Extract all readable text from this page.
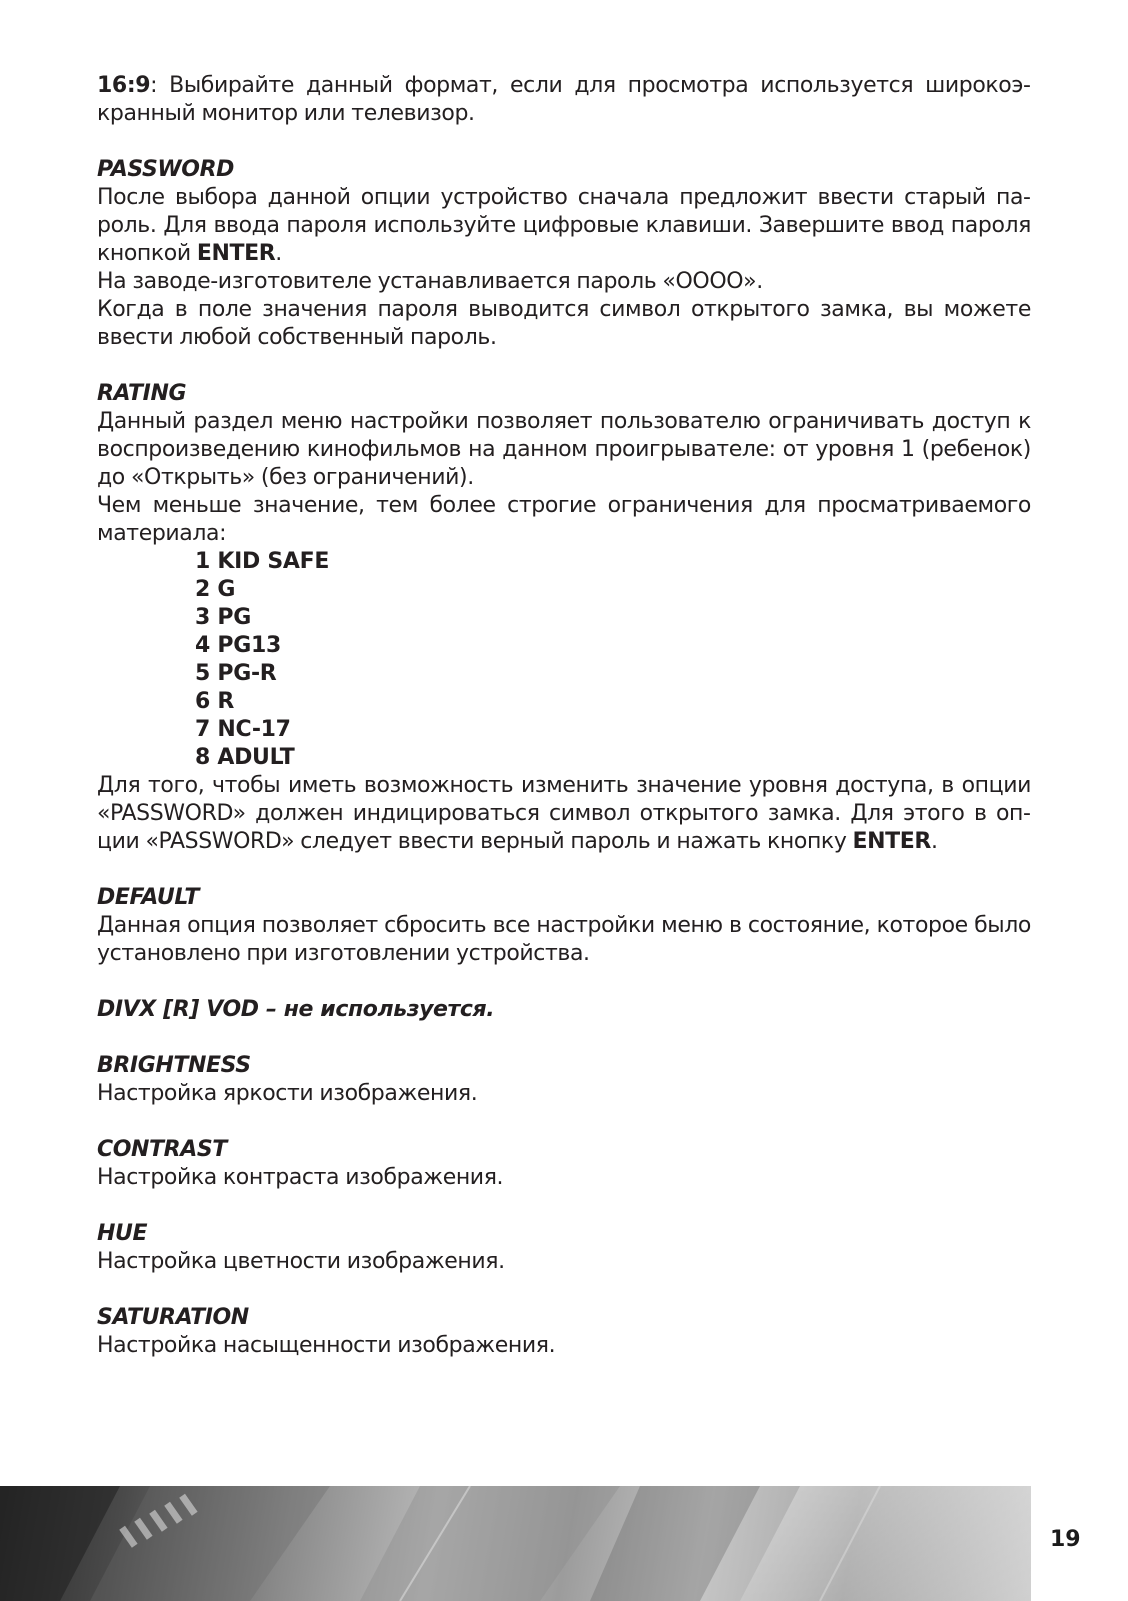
16:9: Выбирайте данный формат, если для просмотра используется широкоэкранный монитор или телевизор.

PASSWORD

После выбора данной опции устройство сначала предложит ввести старый пароль. Для ввода пароля используйте цифровые клавиши. Завершите ввод пароля кнопкой ENTER.

На заводе-изготовителе устанавливается пароль «OOOO».

Когда в поле значения пароля выводится символ открытого замка, вы можете ввести любой собственный пароль.

RATING

Данный раздел меню настройки позволяет пользователю ограничивать доступ к воспроизведению кинофильмов на данном проигрывателе: от уровня 1 (ребенок) до «Открыть» (без ограничений).

Чем меньше значение, тем более строгие ограничения для просматриваемого материала:

1 KID SAFE
2 G
3 PG
4 PG13
5 PG-R
6 R
7 NC-17
8 ADULT

Для того, чтобы иметь возможность изменить значение уровня доступа, в опции «PASSWORD» должен индицироваться символ открытого замка. Для этого в опции «PASSWORD» следует ввести верный пароль и нажать кнопку ENTER.

DEFAULT

Данная опция позволяет сбросить все настройки меню в состояние, которое было установлено при изготовлении устройства.

DIVX [R] VOD – не используется.

BRIGHTNESS

Настройка яркости изображения.

CONTRAST

Настройка контраста изображения.

HUE

Настройка цветности изображения.

SATURATION

Настройка насыщенности изображения.

19
